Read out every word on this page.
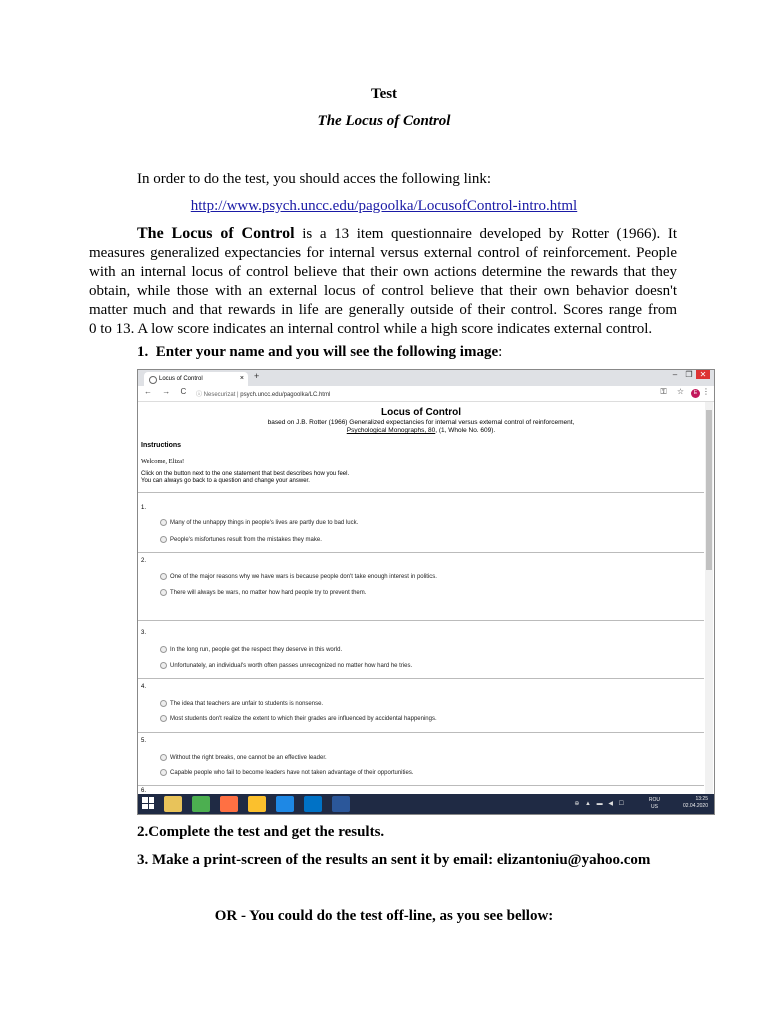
Test
The Locus of Control
In order to do the test, you should acces the following link:
http://www.psych.uncc.edu/pagoolka/LocusofControl-intro.html
The Locus of Control is a 13 item questionnaire developed by Rotter (1966). It
measures generalized expectancies for internal versus external control of reinforcement. People
with an internal locus of control believe that their own actions determine the rewards that they
obtain, while those with an external locus of control believe that their own behavior doesn't
matter much and that rewards in life are generally outside of their control. Scores range from
0 to 13. A low score indicates an internal control while a high score indicates external control.
1. Enter your name and you will see the following image:
Locus of Control	× +	– ❐ ✕
← → C ⓘ Nesecurizat | psych.uncc.edu/pagoolka/LC.html	⚿ ☆	E ⋮
Locus of Control
based on J.B. Rotter (1966) Generalized expectancies for internal versus external control of reinforcement,
Psychological Monographs, 80, (1, Whole No. 609).
Instructions
Welcome, Eliza!
Click on the button next to the one statement that best describes how you feel.
You can always go back to a question and change your answer.
1.
Many of the unhappy things in people's lives are partly due to bad luck.
People's misfortunes result from the mistakes they make.
2.
One of the major reasons why we have wars is because people don't take enough interest in politics.
There will always be wars, no matter how hard people try to prevent them.
3.
In the long run, people get the respect they deserve in this world.
Unfortunately, an individual's worth often passes unrecognized no matter how hard he tries.
4.
The idea that teachers are unfair to students is nonsense.
Most students don't realize the extent to which their grades are influenced by accidental happenings.
5.
Without the right breaks, one cannot be an effective leader.
Capable people who fail to become leaders have not taken advantage of their opportunities.
6.
⊕ ▲ ▬ ◀ ☐
ROU
US
13:25
02.04.2020
2.Complete the test and get the results.
3. Make a print-screen of the results an sent it by email: elizantoniu@yahoo.com
OR - You could do the test off-line, as you see bellow:
